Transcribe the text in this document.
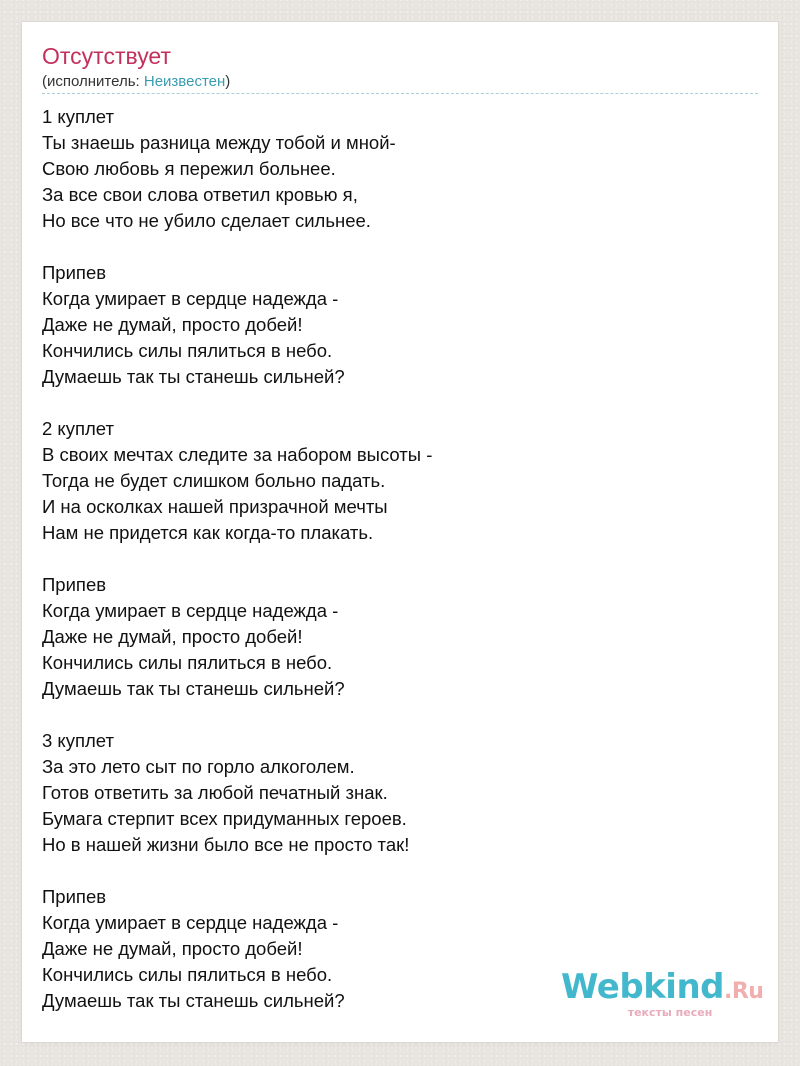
Отсутствует
(исполнитель: Неизвестен)
1 куплет
Ты знаешь разница между тобой и мной-
Свою любовь я пережил больнее.
За все свои слова ответил кровью я,
Но все что не убило сделает сильнее.
Припев
Когда умирает в сердце надежда -
Даже не думай, просто добей!
Кончились силы пялиться в небо.
Думаешь так ты станешь сильней?
2 куплет
В своих мечтах следите за набором высоты -
Тогда не будет слишком больно падать.
И на осколках нашей призрачной мечты
Нам не придется как когда-то плакать.
Припев
Когда умирает в сердце надежда -
Даже не думай, просто добей!
Кончились силы пялиться в небо.
Думаешь так ты станешь сильней?
3 куплет
За это лето сыт по горло алкоголем.
Готов ответить за любой печатный знак.
Бумага стерпит всех придуманных героев.
Но в нашей жизни было все не просто так!
Припев
Когда умирает в сердце надежда -
Даже не думай, просто добей!
Кончились силы пялиться в небо.
Думаешь так ты станешь сильней?	Webkind.Ru
тексты песен
